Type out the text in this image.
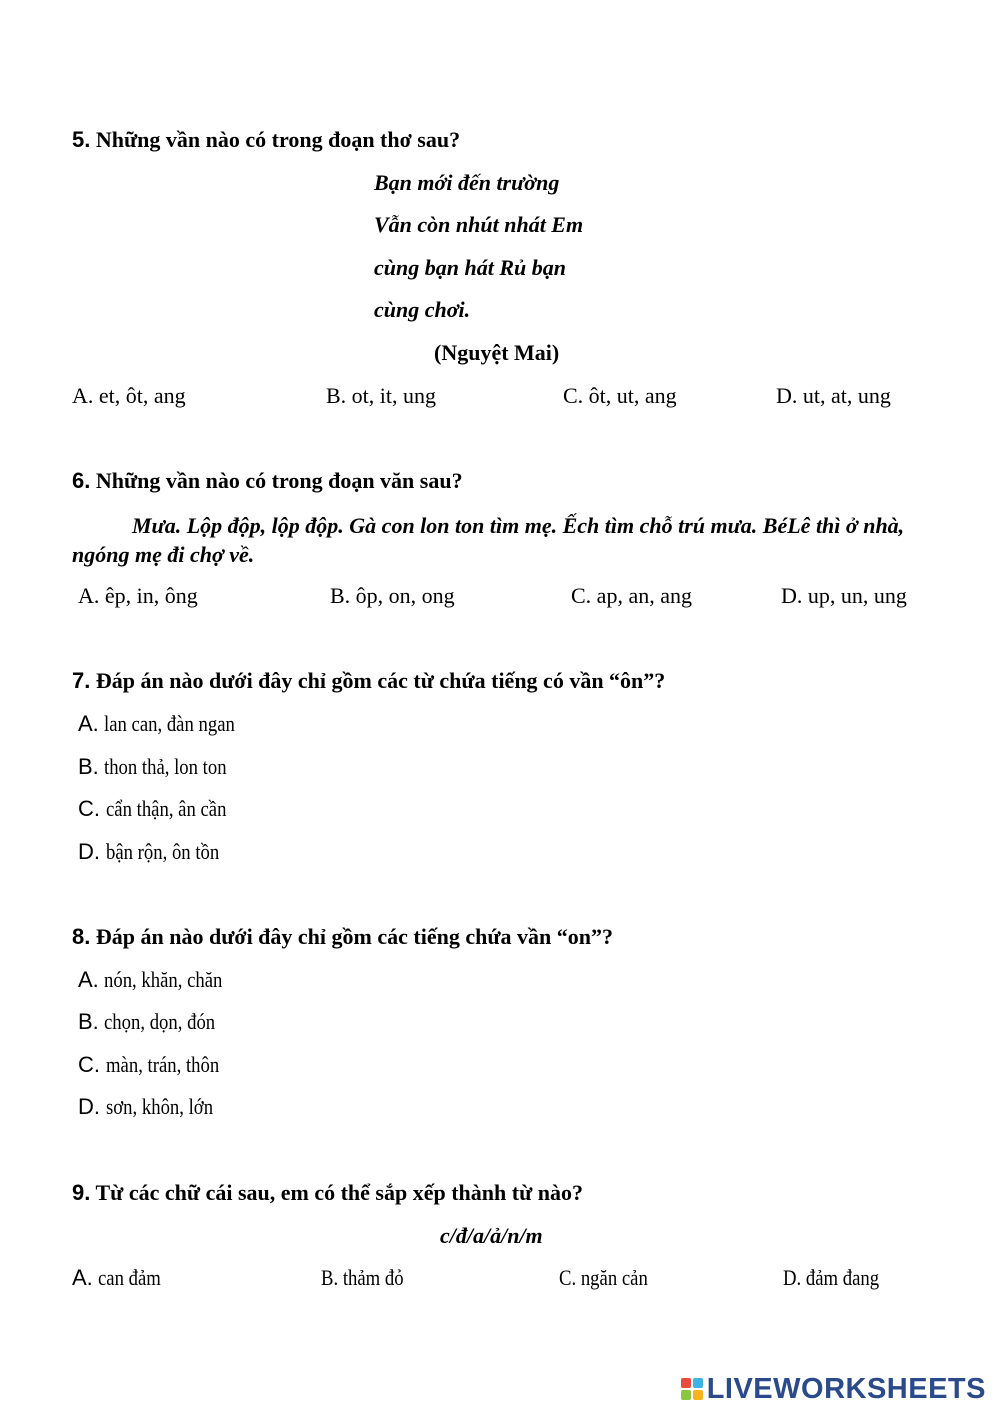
5. Những vần nào có trong đoạn thơ sau?
Bạn mới đến trường
Vẫn còn nhút nhát Em
cùng bạn hát Rủ bạn
cùng chơi.
(Nguyệt Mai)
A. et, ôt, ang	B. ot, it, ung	C. ôt, ut, ang	D. ut, at, ung
6. Những vần nào có trong đoạn văn sau?
Mưa. Lộp độp, lộp độp. Gà con lon ton tìm mẹ. Ếch tìm chỗ trú mưa. BéLê thì ở nhà, ngóng mẹ đi chợ về.
A. êp, in, ông	B. ôp, on, ong	C. ap, an, ang	D. up, un, ung
7. Đáp án nào dưới đây chỉ gồm các từ chứa tiếng có vần “ôn”?
A. lan can, đàn ngan
B. thon thả, lon ton
C. cẩn thận, ân cần
D. bận rộn, ôn tồn
8. Đáp án nào dưới đây chỉ gồm các tiếng chứa vần “on”?
A. nón, khăn, chăn
B. chọn, dọn, đón
C. màn, trán, thôn
D. sơn, khôn, lớn
9. Từ các chữ cái sau, em có thể sắp xếp thành từ nào?
c/đ/a/ả/n/m
A. can đảm	B. thảm đỏ	C. ngăn cản	D. đảm đang
LIVEWORKSHEETS
